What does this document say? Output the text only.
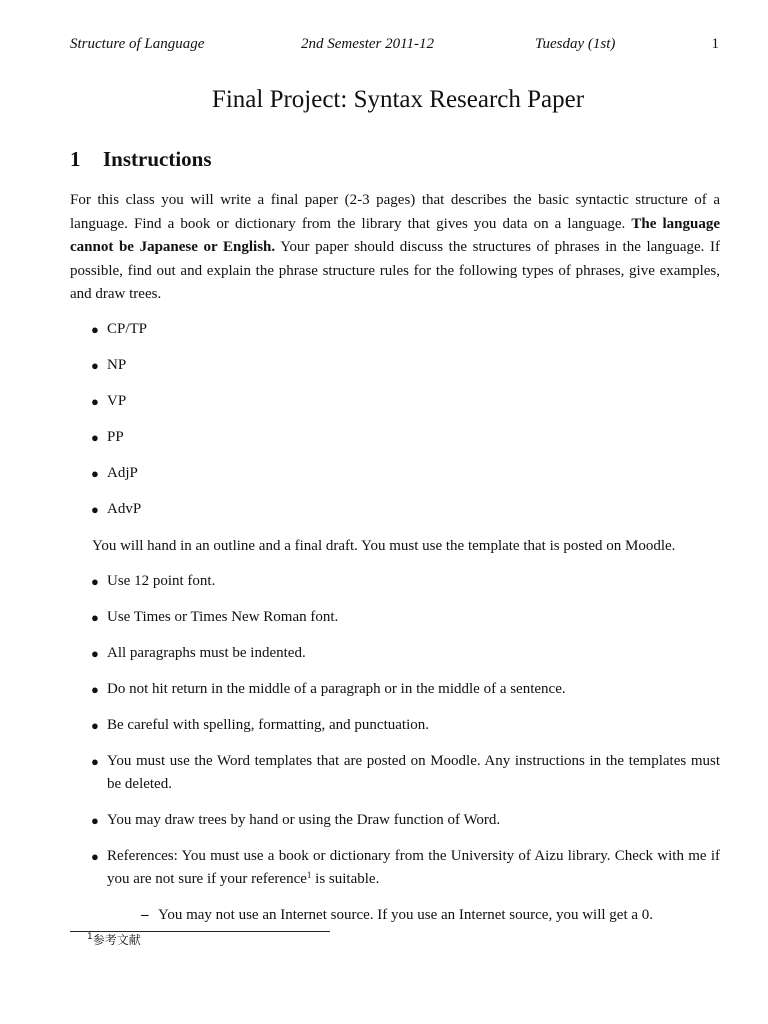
Structure of Language	2nd Semester 2011-12	Tuesday (1st)	1
Final Project: Syntax Research Paper
1 Instructions

For this class you will write a final paper (2-3 pages) that describes the basic syntactic structure of a language. Find a book or dictionary from the library that gives you data on a language. The language cannot be Japanese or English. Your paper should discuss the structures of phrases in the language. If possible, find out and explain the phrase structure rules for the following types of phrases, give examples, and draw trees.

● CP/TP
● NP
● VP
● PP
● AdjP
● AdvP

You will hand in an outline and a final draft. You must use the template that is posted on Moodle.

● Use 12 point font.
● Use Times or Times New Roman font.
● All paragraphs must be indented.
● Do not hit return in the middle of a paragraph or in the middle of a sentence.
● Be careful with spelling, formatting, and punctuation.
● You must use the Word templates that are posted on Moodle. Any instructions in the templates must be deleted.
● You may draw trees by hand or using the Draw function of Word.
● References: You must use a book or dictionary from the University of Aizu library. Check with me if you are not sure if your reference$^1$ is suitable.

– You may not use an Internet source. If you use an Internet source, you will get a 0.

$^1$参考文献
